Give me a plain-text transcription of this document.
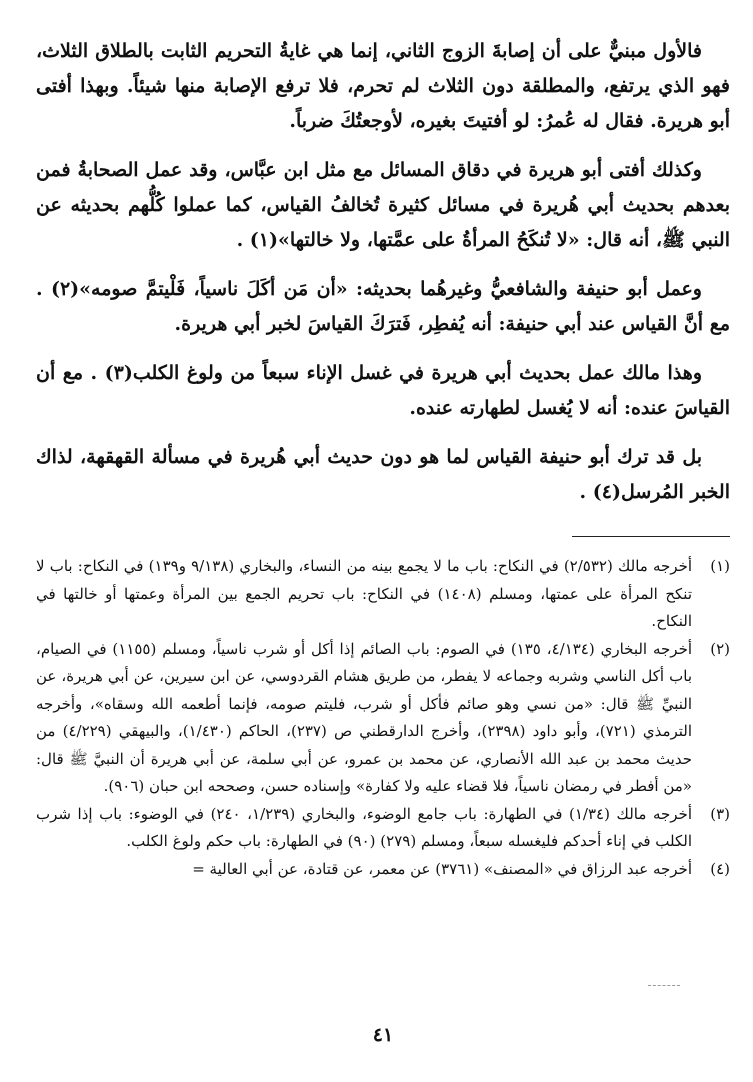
فالأول مبنيٌّ على أن إصابةَ الزوج الثاني، إنما هي غايةُ التحريم الثابت بالطلاق الثلاث، فهو الذي يرتفع، والمطلقة دون الثلاث لم تحرم، فلا ترفع الإصابة منها شيئاً. وبهذا أفتى أبو هريرة. فقال له عُمرُ: لو أفتيتَ بغيره، لأوجعتُكَ ضرباً.

وكذلك أفتى أبو هريرة في دقاق المسائل مع مثل ابن عبَّاس، وقد عمل الصحابةُ فمن بعدهم بحديث أبي هُريرة في مسائل كثيرة تُخالفُ القياس، كما عملوا كُلُّهم بحديثه عن النبي ﷺ، أنه قال: «لا تُنكَحُ المرأةُ على عمَّتها، ولا خالتها»(١) .

وعمل أبو حنيفة والشافعيُّ وغيرهُما بحديثه: «أن مَن أكَلَ ناسياً، فَلْيتمَّ صومه»(٢) . مع أنَّ القياس عند أبي حنيفة: أنه يُفطِر، فَترَكَ القياسَ لخبر أبي هريرة.

وهذا مالك عمل بحديث أبي هريرة في غسل الإناء سبعاً من ولوغ الكلب(٣) . مع أن القياسَ عنده: أنه لا يُغسل لطهارته عنده.

بل قد ترك أبو حنيفة القياس لما هو دون حديث أبي هُريرة في مسألة القهقهة، لذاك الخبر المُرسل(٤) .

(١)
أخرجه مالك (٢/٥٣٢) في النكاح: باب ما لا يجمع بينه من النساء، والبخاري (٩/١٣٨ و١٣٩) في النكاح: باب لا تنكح المرأة على عمتها، ومسلم (١٤٠٨) في النكاح: باب تحريم الجمع بين المرأة وعمتها أو خالتها في النكاح.
(٢)
أخرجه البخاري (٤/١٣٤، ١٣٥) في الصوم: باب الصائم إذا أكل أو شرب ناسياً، ومسلم (١١٥٥) في الصيام، باب أكل الناسي وشربه وجماعه لا يفطر، من طريق هشام القردوسي، عن ابن سيرين، عن أبي هريرة، عن النبيِّ ﷺ قال: «من نسي وهو صائم فأكل أو شرب، فليتم صومه، فإنما أطعمه الله وسقاه»، وأخرجه الترمذي (٧٢١)، وأبو داود (٢٣٩٨)، وأخرج الدارقطني ص (٢٣٧)، الحاكم (١/٤٣٠)، والبيهقي (٤/٢٢٩) من حديث محمد بن عبد الله الأنصاري، عن محمد بن عمرو، عن أبي سلمة، عن أبي هريرة أن النبيَّ ﷺ قال: «من أفطر في رمضان ناسياً، فلا قضاء عليه ولا كفارة» وإسناده حسن، وصححه ابن حبان (٩٠٦).
(٣)
أخرجه مالك (١/٣٤) في الطهارة: باب جامع الوضوء، والبخاري (١/٢٣٩، ٢٤٠) في الوضوء: باب إذا شرب الكلب في إناء أحدكم فليغسله سبعاً، ومسلم (٢٧٩) (٩٠) في الطهارة: باب حكم ولوغ الكلب.
(٤)
أخرجه عبد الرزاق في «المصنف» (٣٧٦١) عن معمر، عن قتادة، عن أبي العالية =
٤١
